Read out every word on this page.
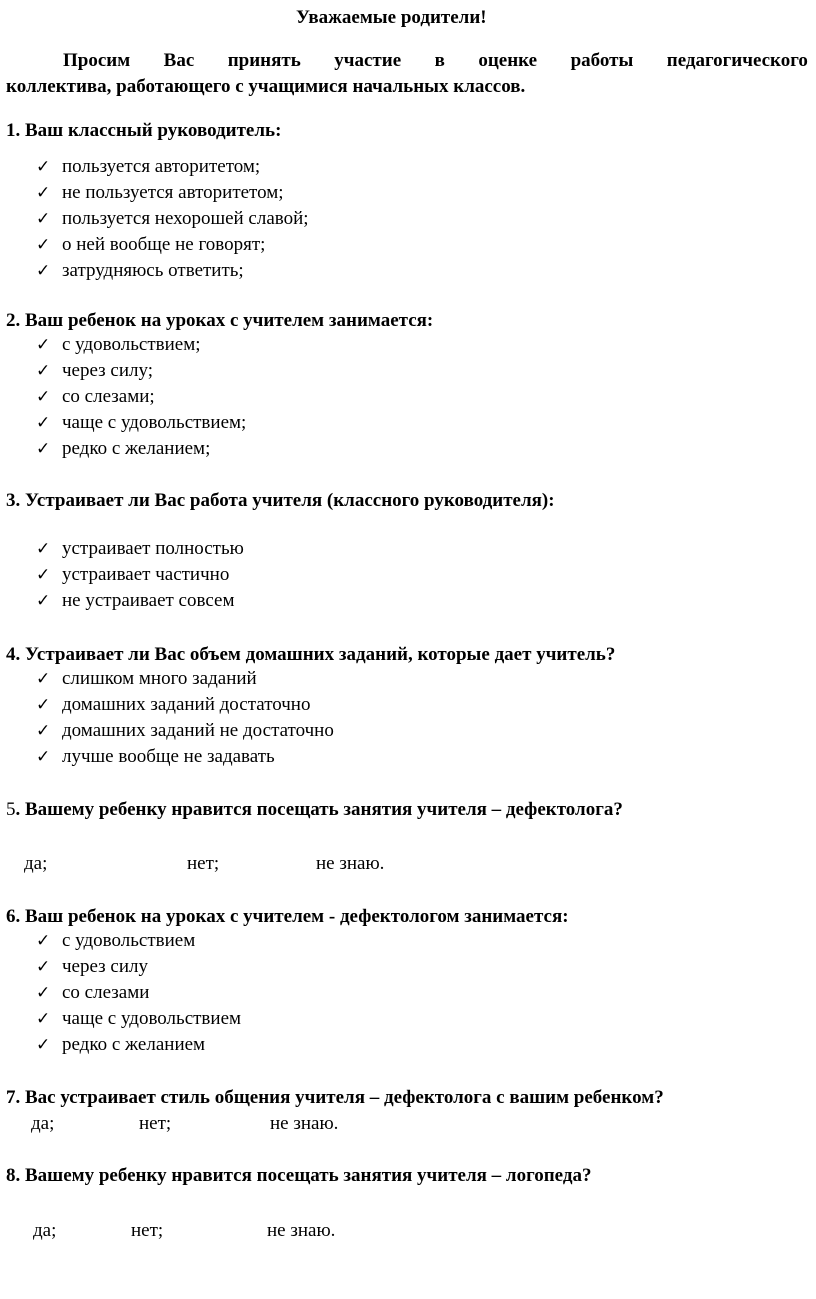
Уважаемые родители!
Просим Вас принять участие в оценке работы педагогического
коллектива, работающего с учащимися начальных классов.
1. Ваш классный руководитель:
✓ пользуется авторитетом;
✓ не пользуется авторитетом;
✓ пользуется нехорошей славой;
✓ о ней вообще не говорят;
✓ затрудняюсь ответить;
2. Ваш ребенок на уроках с учителем занимается:
✓ с удовольствием;
✓ через силу;
✓ со слезами;
✓ чаще с удовольствием;
✓ редко с желанием;
3. Устраивает ли Вас работа учителя (классного руководителя):
✓ устраивает полностью
✓ устраивает частично
✓ не устраивает совсем
4. Устраивает ли Вас объем домашних заданий, которые дает учитель?
✓ слишком много заданий
✓ домашних заданий достаточно
✓ домашних заданий не достаточно
✓ лучше вообще не задавать
5. Вашему ребенку нравится посещать занятия учителя – дефектолога?
да;	нет;	не знаю.
6. Ваш ребенок на уроках с учителем - дефектологом занимается:
✓ с удовольствием
✓ через силу
✓ со слезами
✓ чаще с удовольствием
✓ редко с желанием
7. Вас устраивает стиль общения учителя – дефектолога с вашим ребенком?
да;	нет;	не знаю.
8. Вашему ребенку нравится посещать занятия учителя – логопеда?
да;	нет;	не знаю.
